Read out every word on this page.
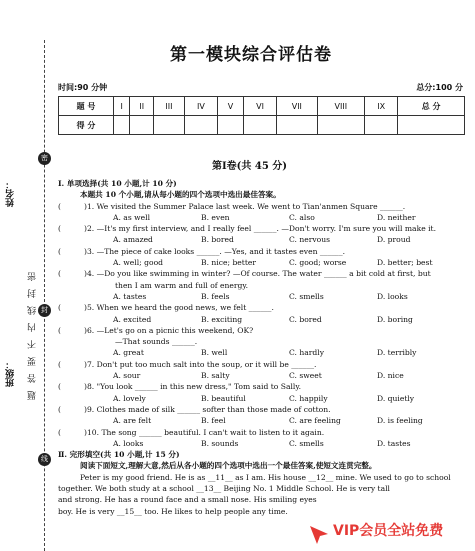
姓名：
题答要不内线封密
班级：
密
封
线
第一模块综合评估卷
时间:90 分钟	总分:100 分
题 号	I	II	III	IV	V	VI	VII	VIII	IX	总 分
得 分										
第Ⅰ卷(共 45 分)
Ⅰ. 单项选择(共 10 小题,计 10 分)
本题共 10 个小题,请从每小题的四个选项中选出最佳答案。
(	)1. We visited the Summer Palace last week. We went to Tian'anmen Square ______.
A. as well	B. even	C. also	D. neither
(	)2. —It's my first interview, and I really feel ______. —Don't worry. I'm sure you will make it.
A. amazed	B. bored	C. nervous	D. proud
(	)3. —The piece of cake looks ______. —Yes, and it tastes even ______.
A. well; good	B. nice; better	C. good; worse	D. better; best
(	)4. —Do you like swimming in winter? —Of course. The water ______ a bit cold at first, but
then I am warm and full of energy.
A. tastes	B. feels	C. smells	D. looks
(	)5. When we heard the good news, we felt ______.
A. excited	B. exciting	C. bored	D. boring
(	)6. —Let's go on a picnic this weekend, OK?
—That sounds ______.
A. great	B. well	C. hardly	D. terribly
(	)7. Don't put too much salt into the soup, or it will be ______.
A. sour	B. salty	C. sweet	D. nice
(	)8. "You look ______ in this new dress," Tom said to Sally.
A. lovely	B. beautiful	C. happily	D. quietly
(	)9. Clothes made of silk ______ softer than those made of cotton.
A. are felt	B. feel	C. are feeling	D. is feeling
(	)10. The song ______ beautiful. I can't wait to listen to it again.
A. looks	B. sounds	C. smells	D. tastes
Ⅱ. 完形填空(共 10 小题,计 15 分)
阅读下面短文,理解大意,然后从各小题的四个选项中选出一个最佳答案,使短文连贯完整。
Peter is my good friend. He is as __11__ as I am. His house __12__ mine. We used to go to school
together. We both study at a school __13__ Beijing No. 1 Middle School. He is very tall
and strong. He has a round face and a small nose. His smiling eyes
boy. He is very __15__ too. He likes to help people any time.
VIP会员全站免费
